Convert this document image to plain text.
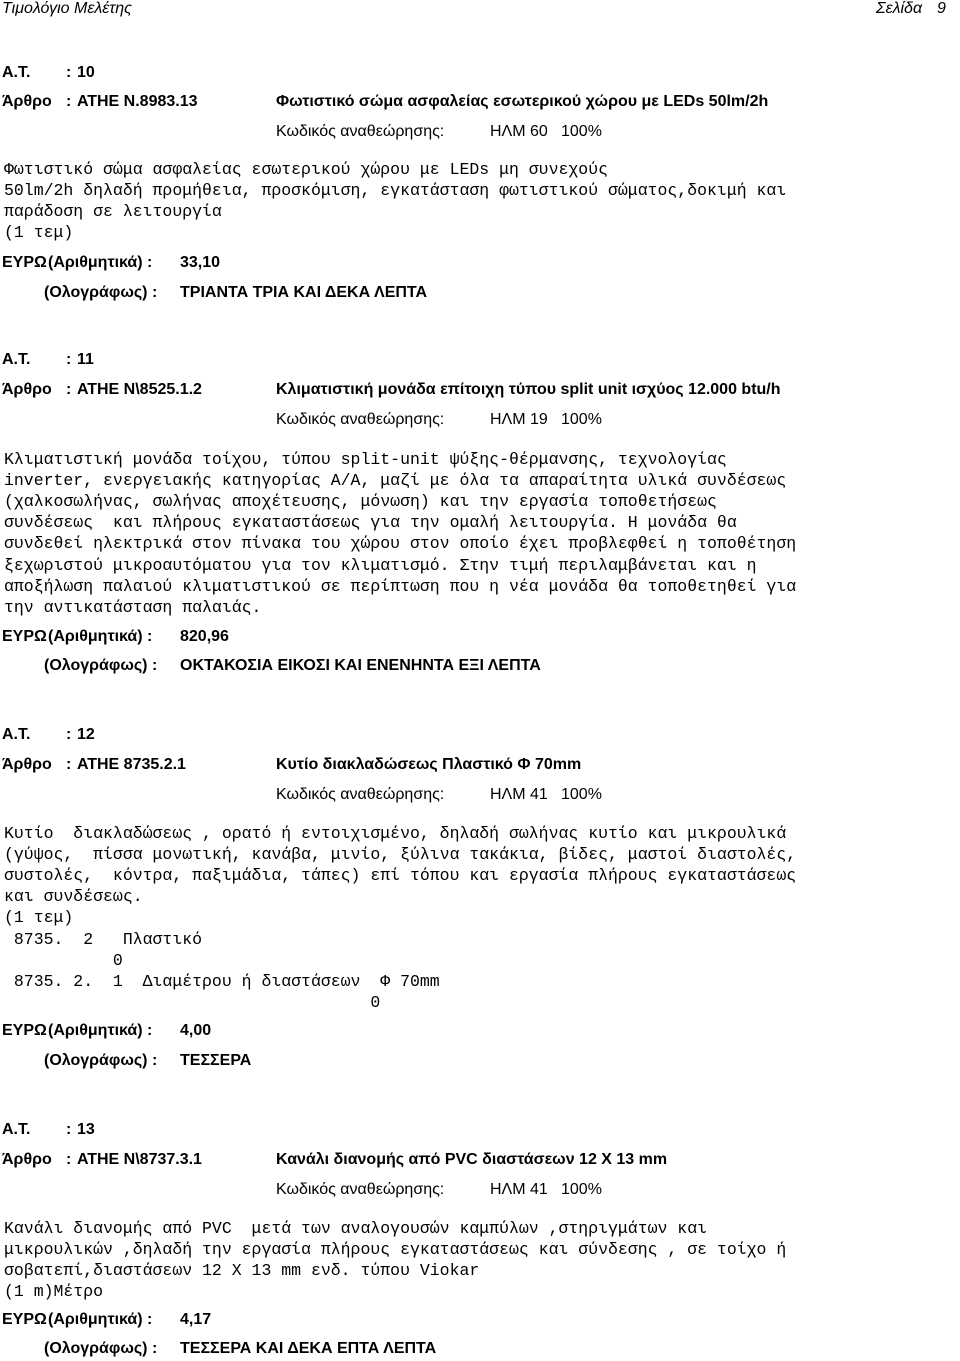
Τιμολόγιο Μελέτης	Σελίδα 9
Α.Τ. : 10
Άρθρο : ΑΤΗΕ Ν.8983.13	Φωτιστικό σώμα ασφαλείας εσωτερικού χώρου με LEDs 50lm/2h
Κωδικός αναθεώρησης:	ΗΛΜ 60 100%
Φωτιστικό σώμα ασφαλείας εσωτερικού χώρου με LEDs μη συνεχούς
50lm/2h δηλαδή προμήθεια, προσκόμιση, εγκατάσταση φωτιστικού σώματος,δοκιμή και
παράδοση σε λειτουργία
(1 τεμ)
ΕΥΡΩ (Αριθμητικά) : 33,10
(Ολογράφως) : ΤΡΙΑΝΤΑ ΤΡΙΑ ΚΑΙ ΔΕΚΑ ΛΕΠΤΑ
Α.Τ. : 11
Άρθρο : ΑΤΗΕ Ν\8525.1.2	Κλιματιστική μονάδα επίτοιχη τύπου split unit ισχύος 12.000 btu/h
Κωδικός αναθεώρησης:	ΗΛΜ 19 100%
Κλιματιστική μονάδα τοίχου, τύπου split-unit ψύξης-θέρμανσης, τεχνολογίας
inverter, ενεργειακής κατηγορίας Α/Α, μαζί με όλα τα απαραίτητα υλικά συνδέσεως
(χαλκοσωλήνας, σωλήνας αποχέτευσης, μόνωση) και την εργασία τοποθετήσεως
συνδέσεως  και πλήρους εγκαταστάσεως για την ομαλή λειτουργία. Η μονάδα θα
συνδεθεί ηλεκτρικά στον πίνακα του χώρου στον οποίο έχει προβλεφθεί η τοποθέτηση
ξεχωριστού μικροαυτόματου για τον κλιματισμό. Στην τιμή περιλαμβάνεται και η
αποξήλωση παλαιού κλιματιστικού σε περίπτωση που η νέα μονάδα θα τοποθετηθεί για
την αντικατάσταση παλαιάς.
ΕΥΡΩ (Αριθμητικά) : 820,96
(Ολογράφως) : ΟΚΤΑΚΟΣΙΑ ΕΙΚΟΣΙ ΚΑΙ ΕΝΕΝΗΝΤΑ ΕΞΙ ΛΕΠΤΑ
Α.Τ. : 12
Άρθρο : ΑΤΗΕ 8735.2.1	Κυτίο διακλαδώσεως Πλαστικό Φ 70mm
Κωδικός αναθεώρησης:	ΗΛΜ 41 100%
Κυτίο  διακλαδώσεως , ορατό ή εντοιχισμένο, δηλαδή σωλήνας κυτίο και μικρουλικά
(γύψος,  πίσσα μονωτική, κανάβα, μινίο, ξύλινα τακάκια, βίδες, μαστοί διαστολές,
συστολές,  κόντρα, παξιμάδια, τάπες) επί τόπου και εργασία πλήρους εγκαταστάσεως
και συνδέσεως.
(1 τεμ)
8735.  2   Πλαστικό
0
8735. 2.  1  Διαμέτρου ή διαστάσεων  Φ 70mm
0
ΕΥΡΩ (Αριθμητικά) : 4,00
(Ολογράφως) : ΤΕΣΣΕΡΑ
Α.Τ. : 13
Άρθρο : ΑΤΗΕ Ν\8737.3.1	Κανάλι διανομής από PVC διαστάσεων 12 Χ 13 mm
Κωδικός αναθεώρησης:	ΗΛΜ 41 100%
Κανάλι διανομής από PVC  μετά των αναλογουσών καμπύλων ,στηριγμάτων και
μικρουλικών ,δηλαδή την εργασία πλήρους εγκαταστάσεως και σύνδεσης , σε τοίχο ή
σοβατεπί,διαστάσεων 12 Χ 13 mm ενδ. τύπου Viokar
(1 m)Μέτρο
ΕΥΡΩ (Αριθμητικά) : 4,17
(Ολογράφως) : ΤΕΣΣΕΡΑ ΚΑΙ ΔΕΚΑ ΕΠΤΑ ΛΕΠΤΑ
